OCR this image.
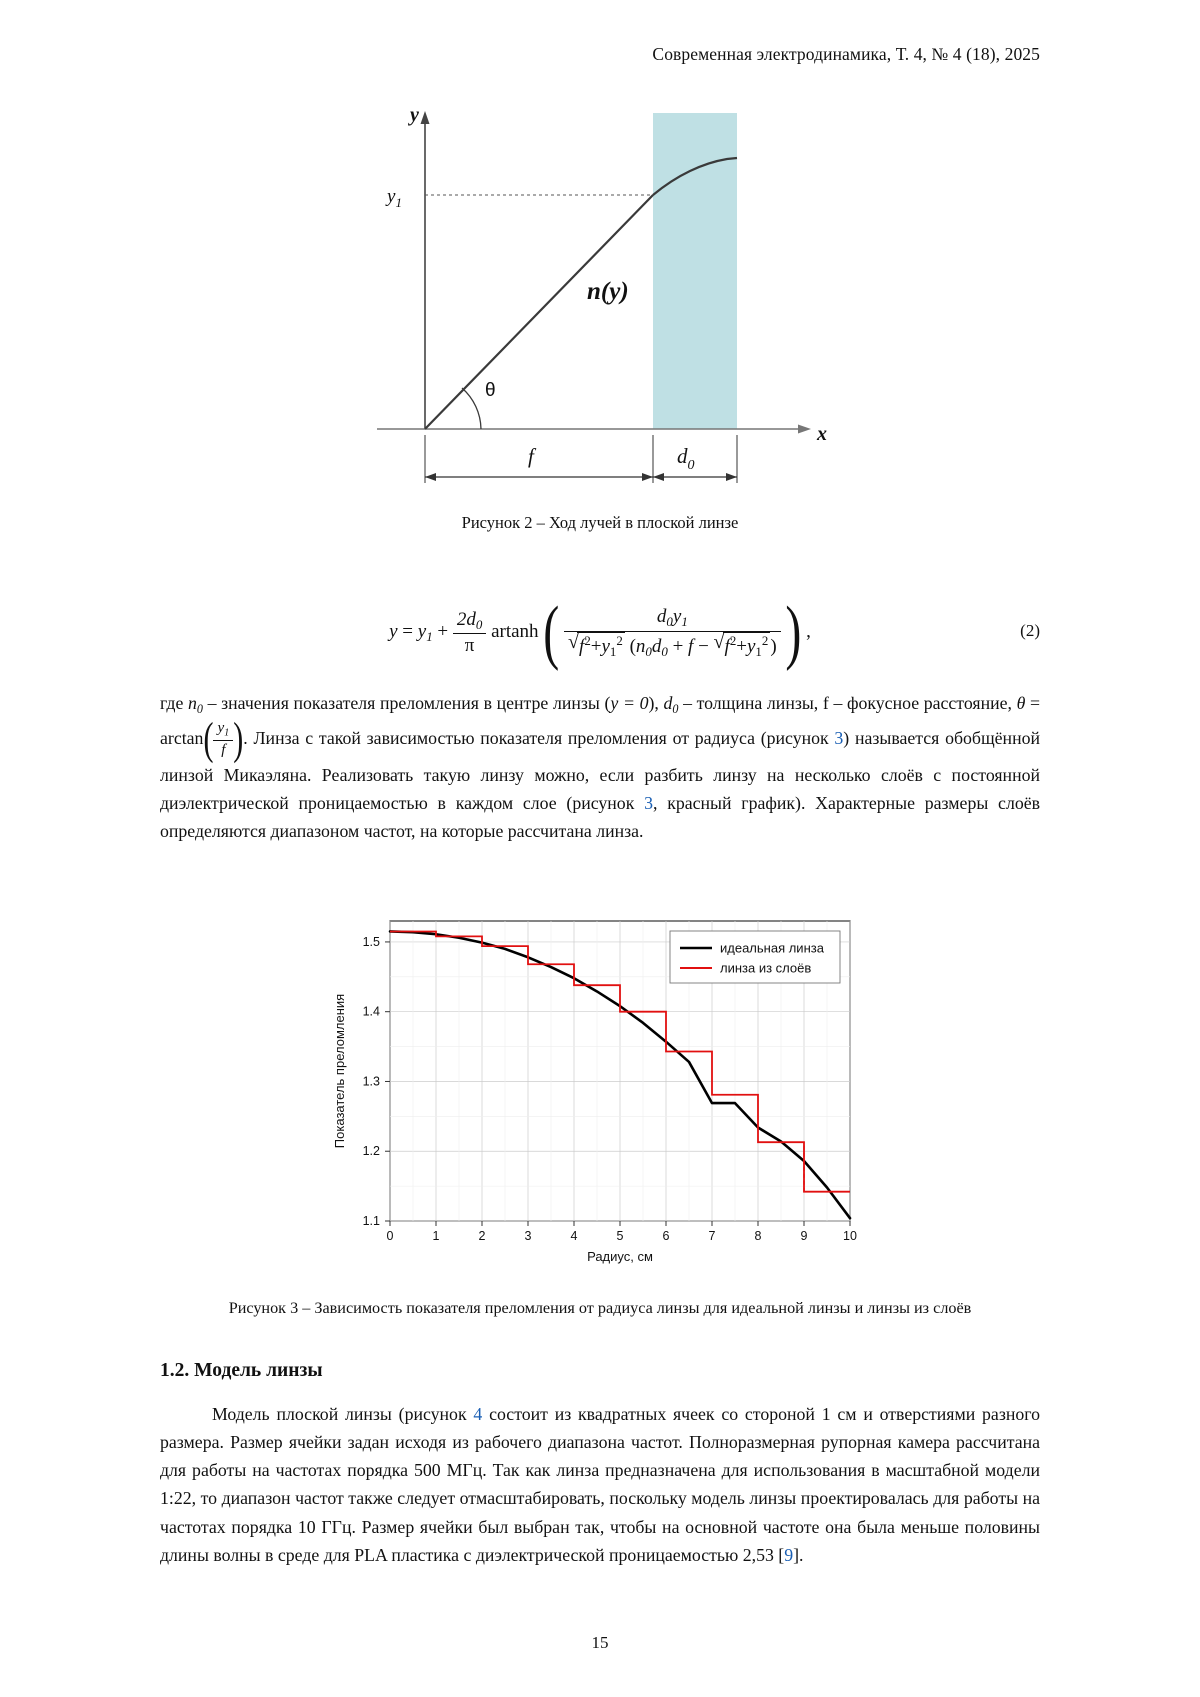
Современная электродинамика, Т. 4, № 4 (18), 2025
y
x
$y_1$
n(y)
θ
f	$d_0$
Рисунок 2 – Ход лучей в плоской линзе
$y = y_1 + \frac{2d_0}{\pi}$ artanh (	$d_0y_1$
√ $f^2+y_1^2$ ($n_0d_0 + f$ − √ $f^2+y_1^2$ ) ) ,	(2)

где $n_0$ – значения показателя преломления в центре линзы (y = 0), $d_0$ – толщина линзы, f – фокусное расстояние, $\theta = \arctan( \frac{y_1}{f}$ ). Линза с такой зависимостью показателя преломления от радиуса (рисунок 3) называется обобщённой линзой Микаэляна. Реализовать такую линзу можно, если разбить линзу на несколько слоёв с постоянной диэлектрической проницаемостью в каждом слое (рисунок 3, красный график). Характерные размеры слоёв определяются диапазоном частот, на которые рассчитана линза.

0	1	2	3	4	5	6	7	8	9	10
1.1
1.2
1.3
1.4
1.5	идеальная линза
линза из слоёв
Радиус, см
Показатель преломления
Рисунок 3 – Зависимость показателя преломления от радиуса линзы для идеальной линзы и линзы из слоёв
1.2. Модель линзы

Модель плоской линзы (рисунок 4 состоит из квадратных ячеек со стороной 1 см и отверстиями разного размера. Размер ячейки задан исходя из рабочего диапазона частот. Полноразмерная рупорная камера рассчитана для работы на частотах порядка 500 МГц. Так как линза предназначена для использования в масштабной модели 1:22, то диапазон частот также следует отмасштабировать, поскольку модель линзы проектировалась для работы на частотах порядка 10 ГГц. Размер ячейки был выбран так, чтобы на основной частоте она была меньше половины длины волны в среде для PLA пластика с диэлектрической проницаемостью 2,53 [9].

15
